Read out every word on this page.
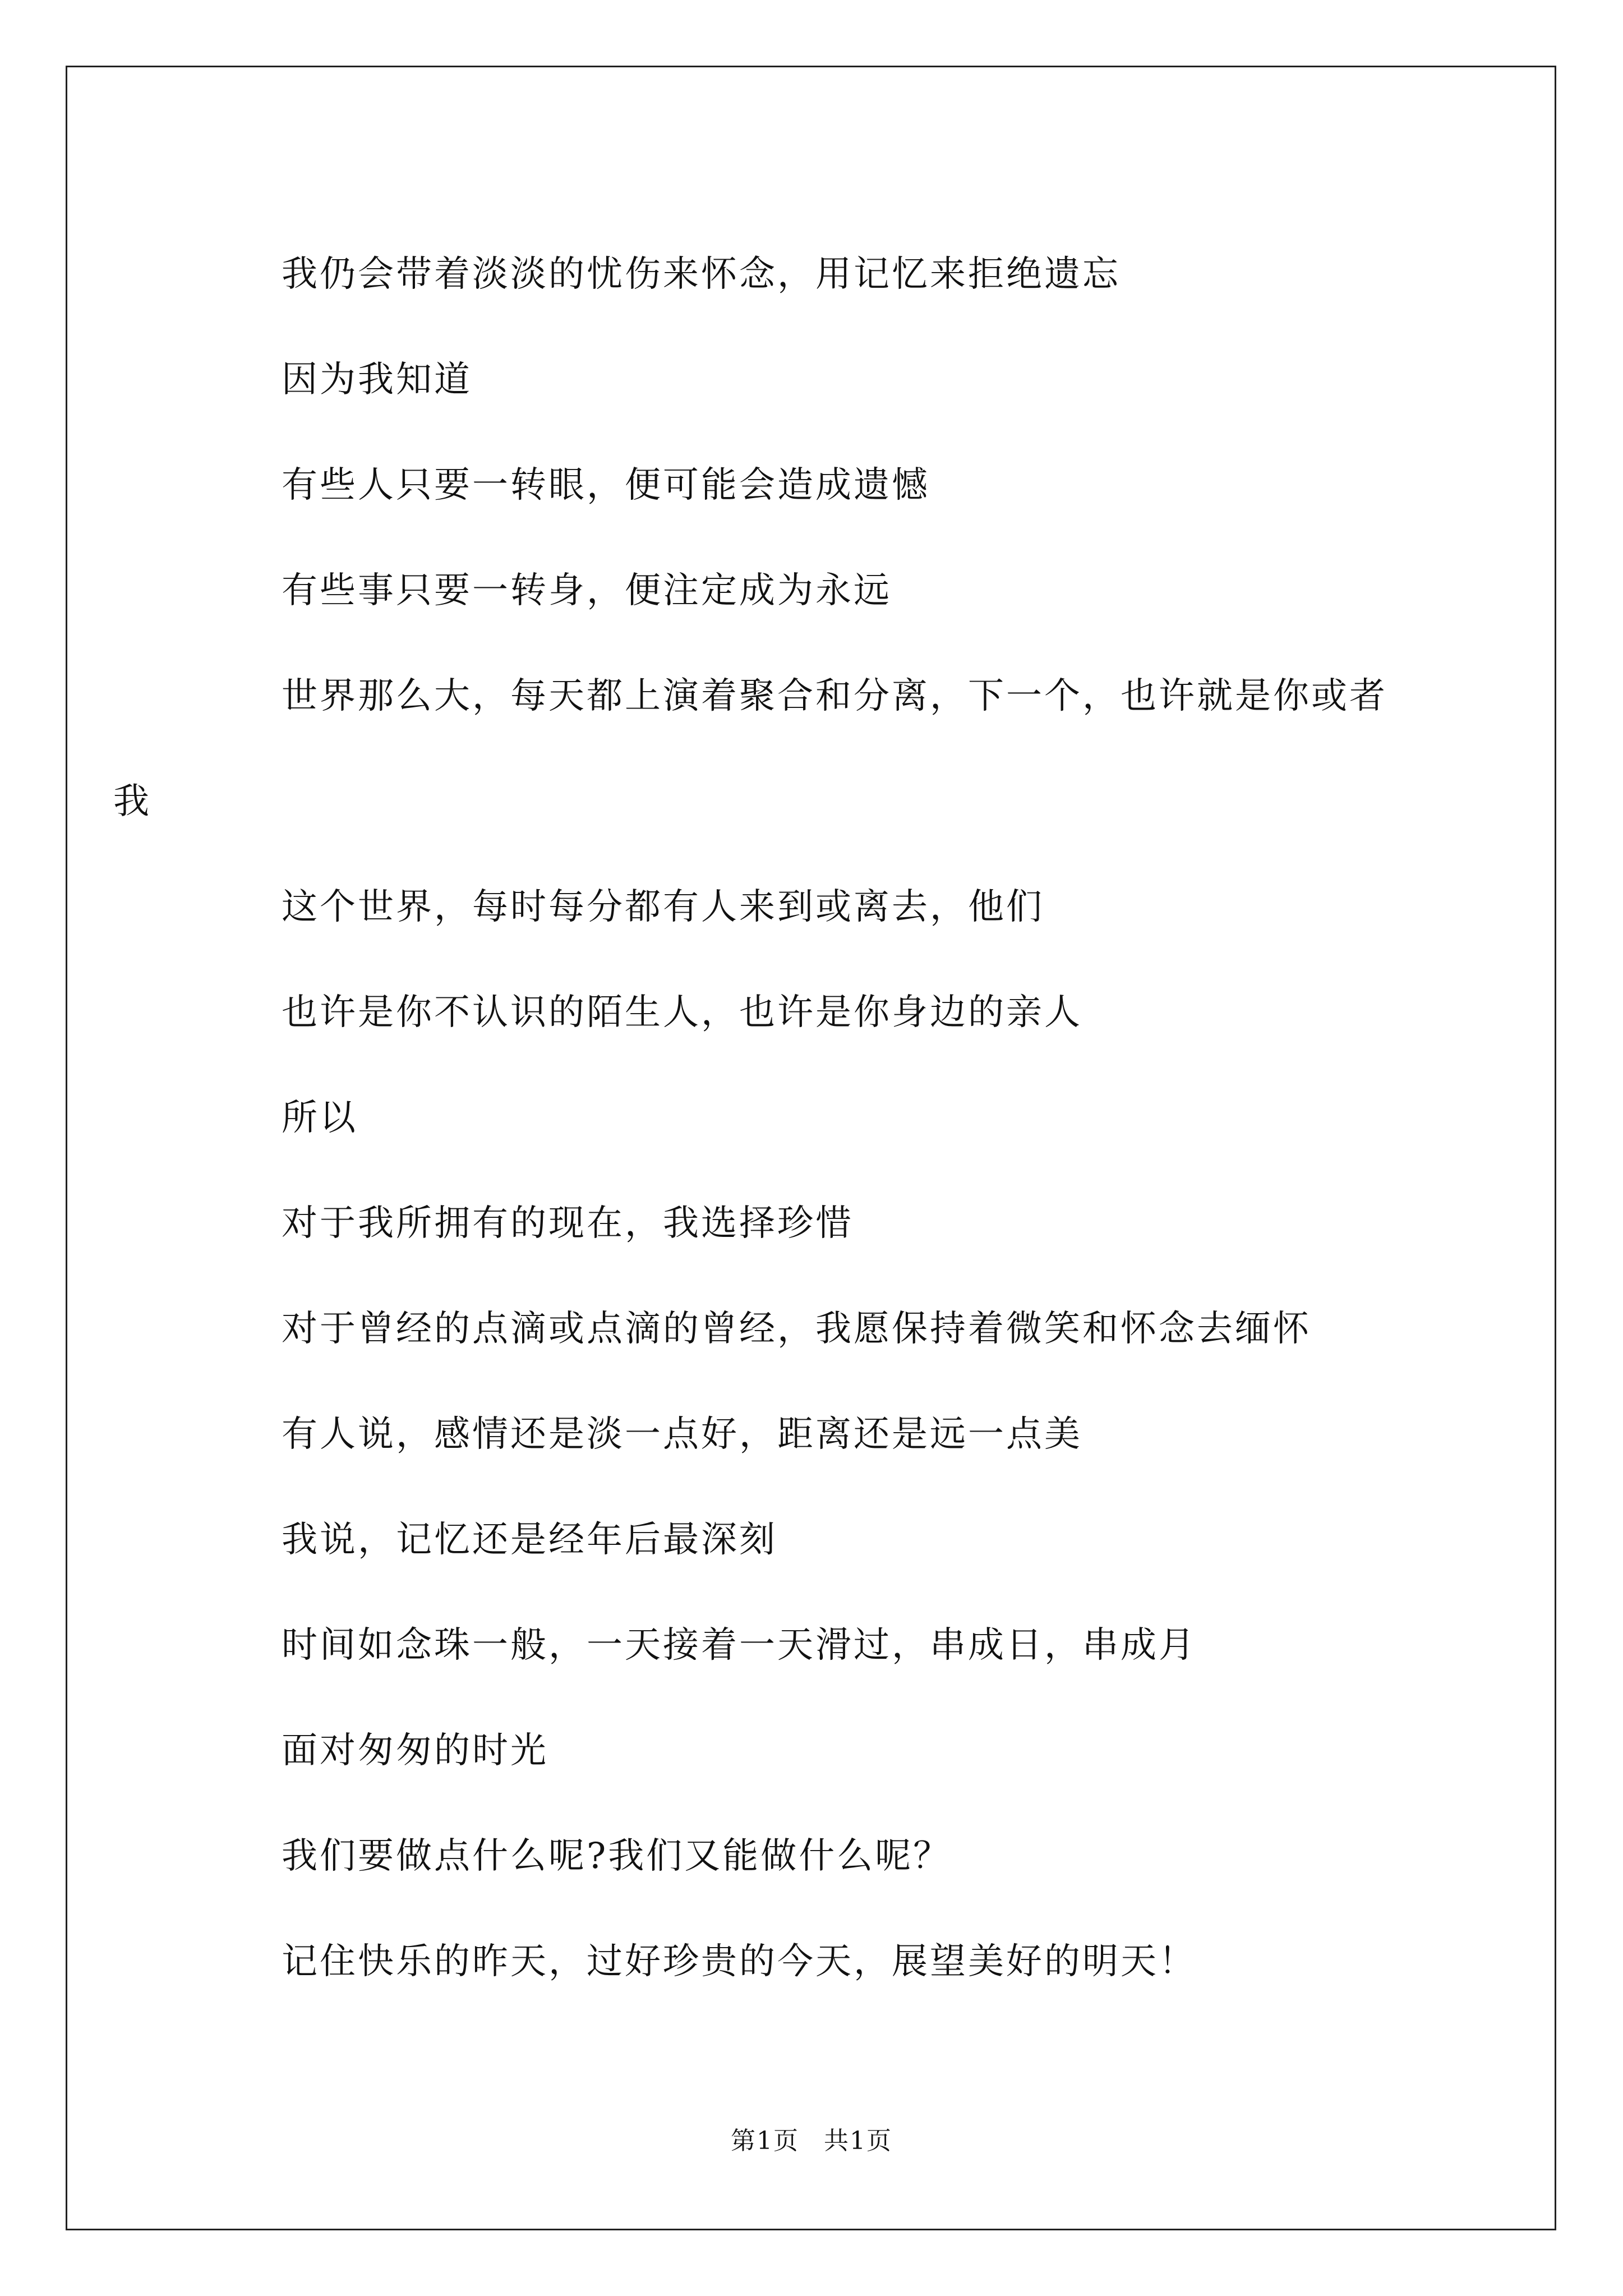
我仍会带着淡淡的忧伤来怀念，用记忆来拒绝遗忘

因为我知道

有些人只要一转眼，便可能会造成遗憾

有些事只要一转身，便注定成为永远

世界那么大，每天都上演着聚合和分离，下一个，也许就是你或者我

这个世界，每时每分都有人来到或离去，他们

也许是你不认识的陌生人，也许是你身边的亲人

所以

对于我所拥有的现在，我选择珍惜

对于曾经的点滴或点滴的曾经，我愿保持着微笑和怀念去缅怀

有人说，感情还是淡一点好，距离还是远一点美

我说，记忆还是经年后最深刻

时间如念珠一般，一天接着一天滑过，串成日，串成月

面对匆匆的时光

我们要做点什么呢?我们又能做什么呢？

记住快乐的昨天，过好珍贵的今天，展望美好的明天！

第1页 共1页
